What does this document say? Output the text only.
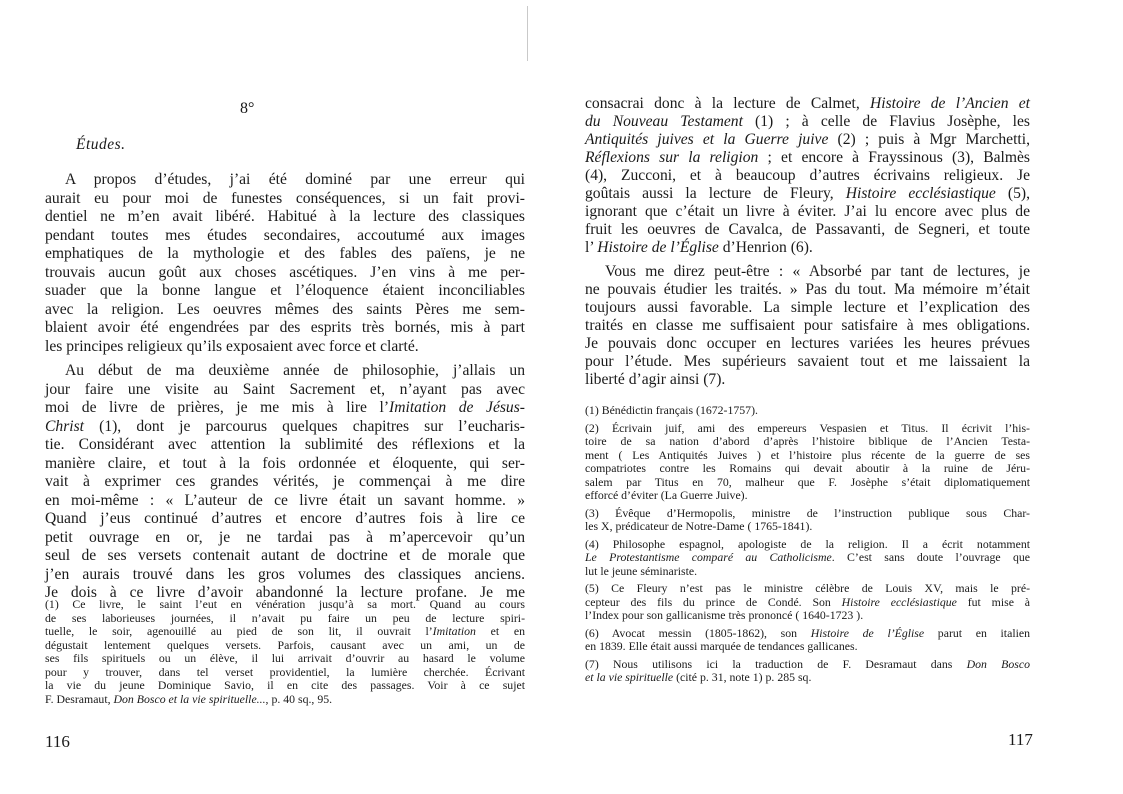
8°
Études.
A propos d’études, j’ai été dominé par une erreur qui
aurait eu pour moi de funestes conséquences, si un fait provi-
dentiel ne m’en avait libéré. Habitué à la lecture des classiques
pendant toutes mes études secondaires, accoutumé aux images
emphatiques de la mythologie et des fables des païens, je ne
trouvais aucun goût aux choses ascétiques. J’en vins à me per-
suader que la bonne langue et l’éloquence étaient inconciliables
avec la religion. Les oeuvres mêmes des saints Pères me sem-
blaient avoir été engendrées par des esprits très bornés, mis à part
les principes religieux qu’ils exposaient avec force et clarté.
Au début de ma deuxième année de philosophie, j’allais un
jour faire une visite au Saint Sacrement et, n’ayant pas avec
moi de livre de prières, je me mis à lire l’Imitation de Jésus-
Christ (1), dont je parcourus quelques chapitres sur l’eucharis-
tie. Considérant avec attention la sublimité des réflexions et la
manière claire, et tout à la fois ordonnée et éloquente, qui ser-
vait à exprimer ces grandes vérités, je commençai à me dire
en moi-même : « L’auteur de ce livre était un savant homme. »
Quand j’eus continué d’autres et encore d’autres fois à lire ce
petit ouvrage en or, je ne tardai pas à m’apercevoir qu’un
seul de ses versets contenait autant de doctrine et de morale que
j’en aurais trouvé dans les gros volumes des classiques anciens.
Je dois à ce livre d’avoir abandonné la lecture profane. Je me
(1) Ce livre, le saint l’eut en vénération jusqu’à sa mort. Quand au cours
de ses laborieuses journées, il n’avait pu faire un peu de lecture spiri-
tuelle, le soir, agenouillé au pied de son lit, il ouvrait l’Imitation et en
dégustait lentement quelques versets. Parfois, causant avec un ami, un de
ses fils spirituels ou un élève, il lui arrivait d’ouvrir au hasard le volume
pour y trouver, dans tel verset providentiel, la lumière cherchée. Écrivant
la vie du jeune Dominique Savio, il en cite des passages. Voir à ce sujet
F. Desramaut, Don Bosco et la vie spirituelle..., p. 40 sq., 95.
116
consacrai donc à la lecture de Calmet, Histoire de l’Ancien et
du Nouveau Testament (1) ; à celle de Flavius Josèphe, les
Antiquités juives et la Guerre juive (2) ; puis à Mgr Marchetti,
Réflexions sur la religion ; et encore à Frayssinous (3), Balmès
(4), Zucconi, et à beaucoup d’autres écrivains religieux. Je
goûtais aussi la lecture de Fleury, Histoire ecclésiastique (5),
ignorant que c’était un livre à éviter. J’ai lu encore avec plus de
fruit les oeuvres de Cavalca, de Passavanti, de Segneri, et toute
l’ Histoire de l’Église d’Henrion (6).
Vous me direz peut-être : « Absorbé par tant de lectures, je
ne pouvais étudier les traités. » Pas du tout. Ma mémoire m’était
toujours aussi favorable. La simple lecture et l’explication des
traités en classe me suffisaient pour satisfaire à mes obligations.
Je pouvais donc occuper en lectures variées les heures prévues
pour l’étude. Mes supérieurs savaient tout et me laissaient la
liberté d’agir ainsi (7).
(1) Bénédictin français (1672-1757).
(2) Écrivain juif, ami des empereurs Vespasien et Titus. Il écrivit l’his-
toire de sa nation d’abord d’après l’histoire biblique de l’Ancien Testa-
ment ( Les Antiquités Juives ) et l’histoire plus récente de la guerre de ses
compatriotes contre les Romains qui devait aboutir à la ruine de Jéru-
salem par Titus en 70, malheur que F. Josèphe s’était diplomatiquement
efforcé d’éviter (La Guerre Juive).
(3) Évêque d’Hermopolis, ministre de l’instruction publique sous Char-
les X, prédicateur de Notre-Dame ( 1765-1841).
(4) Philosophe espagnol, apologiste de la religion. Il a écrit notamment
Le Protestantisme comparé au Catholicisme. C’est sans doute l’ouvrage que
lut le jeune séminariste.
(5) Ce Fleury n’est pas le ministre célèbre de Louis XV, mais le pré-
cepteur des fils du prince de Condé. Son Histoire ecclésiastique fut mise à
l’Index pour son gallicanisme très prononcé ( 1640-1723 ).
(6) Avocat messin (1805-1862), son Histoire de l’Église parut en italien
en 1839. Elle était aussi marquée de tendances gallicanes.
(7) Nous utilisons ici la traduction de F. Desramaut dans Don Bosco
et la vie spirituelle (cité p. 31, note 1) p. 285 sq.
117
